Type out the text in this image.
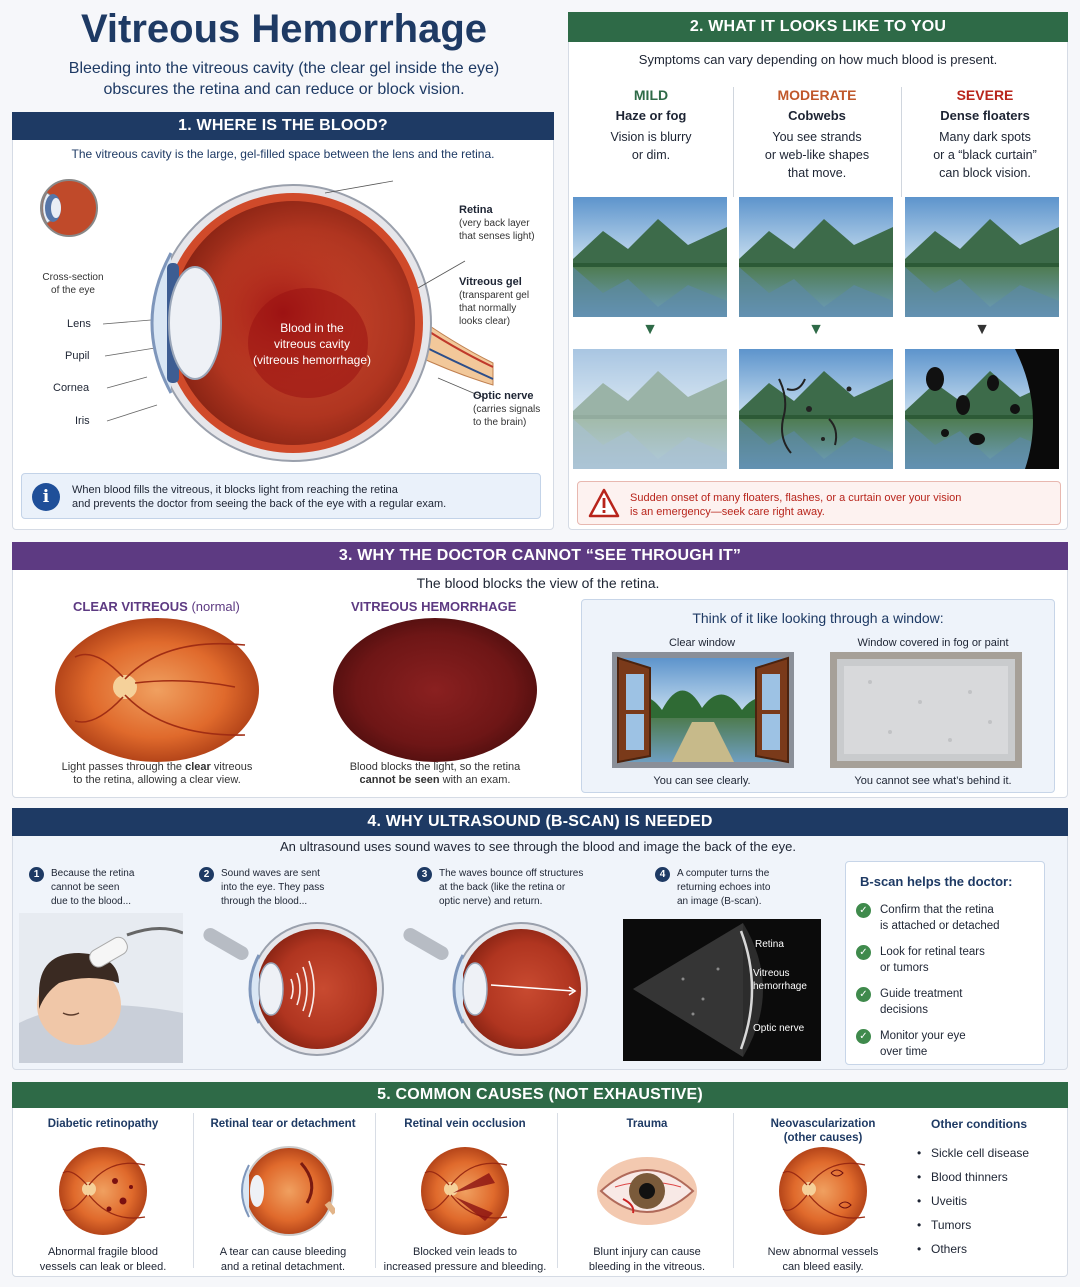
Vitreous Hemorrhage
Bleeding into the vitreous cavity (the clear gel inside the eye)
obscures the retina and can reduce or block vision.
1. WHERE IS THE BLOOD?
The vitreous cavity is the large, gel-filled space between the lens and the retina.
Cross-section
of the eye
Lens
Pupil
Cornea
Iris
Blood in the
vitreous cavity
(vitreous hemorrhage)
Retina
(very back layer
that senses light)
Vitreous gel
(transparent gel
that normally
looks clear)
Optic nerve
(carries signals
to the brain)
i	When blood fills the vitreous, it blocks light from reaching the retina
and prevents the doctor from seeing the back of the eye with a regular exam.
2. WHAT IT LOOKS LIKE TO YOU
Symptoms can vary depending on how much blood is present.
MILD
Haze or fog
Vision is blurry
or dim.
▼
MODERATE
Cobwebs
You see strands
or web-like shapes
that move.
▼
SEVERE
Dense floaters
Many dark spots
or a “black curtain”
can block vision.
▼
Sudden onset of many floaters, flashes, or a curtain over your vision
is an emergency—seek care right away.
3. WHY THE DOCTOR CANNOT “SEE THROUGH IT”
The blood blocks the view of the retina.
CLEAR VITREOUS (normal)
Light passes through the clear vitreous
to the retina, allowing a clear view.
VITREOUS HEMORRHAGE
Blood blocks the light, so the retina
cannot be seen with an exam.
Think of it like looking through a window:
Clear window	Window covered in fog or paint
You can see clearly.	You cannot see what’s behind it.
4. WHY ULTRASOUND (B-SCAN) IS NEEDED
An ultrasound uses sound waves to see through the blood and image the back of the eye.
1	Because the retina
cannot be seen
due to the blood...
2	Sound waves are sent
into the eye. They pass
through the blood...
3	The waves bounce off structures
at the back (like the retina or
optic nerve) and return.
4	A computer turns the
returning echoes into
an image (B-scan).
Retina
Vitreous
hemorrhage
Optic nerve
B-scan helps the doctor:
✓ Confirm that the retina
is attached or detached
✓ Look for retinal tears
or tumors
✓ Guide treatment
decisions
✓ Monitor your eye
over time
5. COMMON CAUSES (NOT EXHAUSTIVE)
Diabetic retinopathy
Abnormal fragile blood
vessels can leak or bleed.
Retinal tear or detachment
A tear can cause bleeding
and a retinal detachment.
Retinal vein occlusion
Blocked vein leads to
increased pressure and bleeding.
Trauma
Blunt injury can cause
bleeding in the vitreous.
Neovascularization
(other causes)
New abnormal vessels
can bleed easily.
Other conditions
• Sickle cell disease
• Blood thinners
• Uveitis
• Tumors
• Others
